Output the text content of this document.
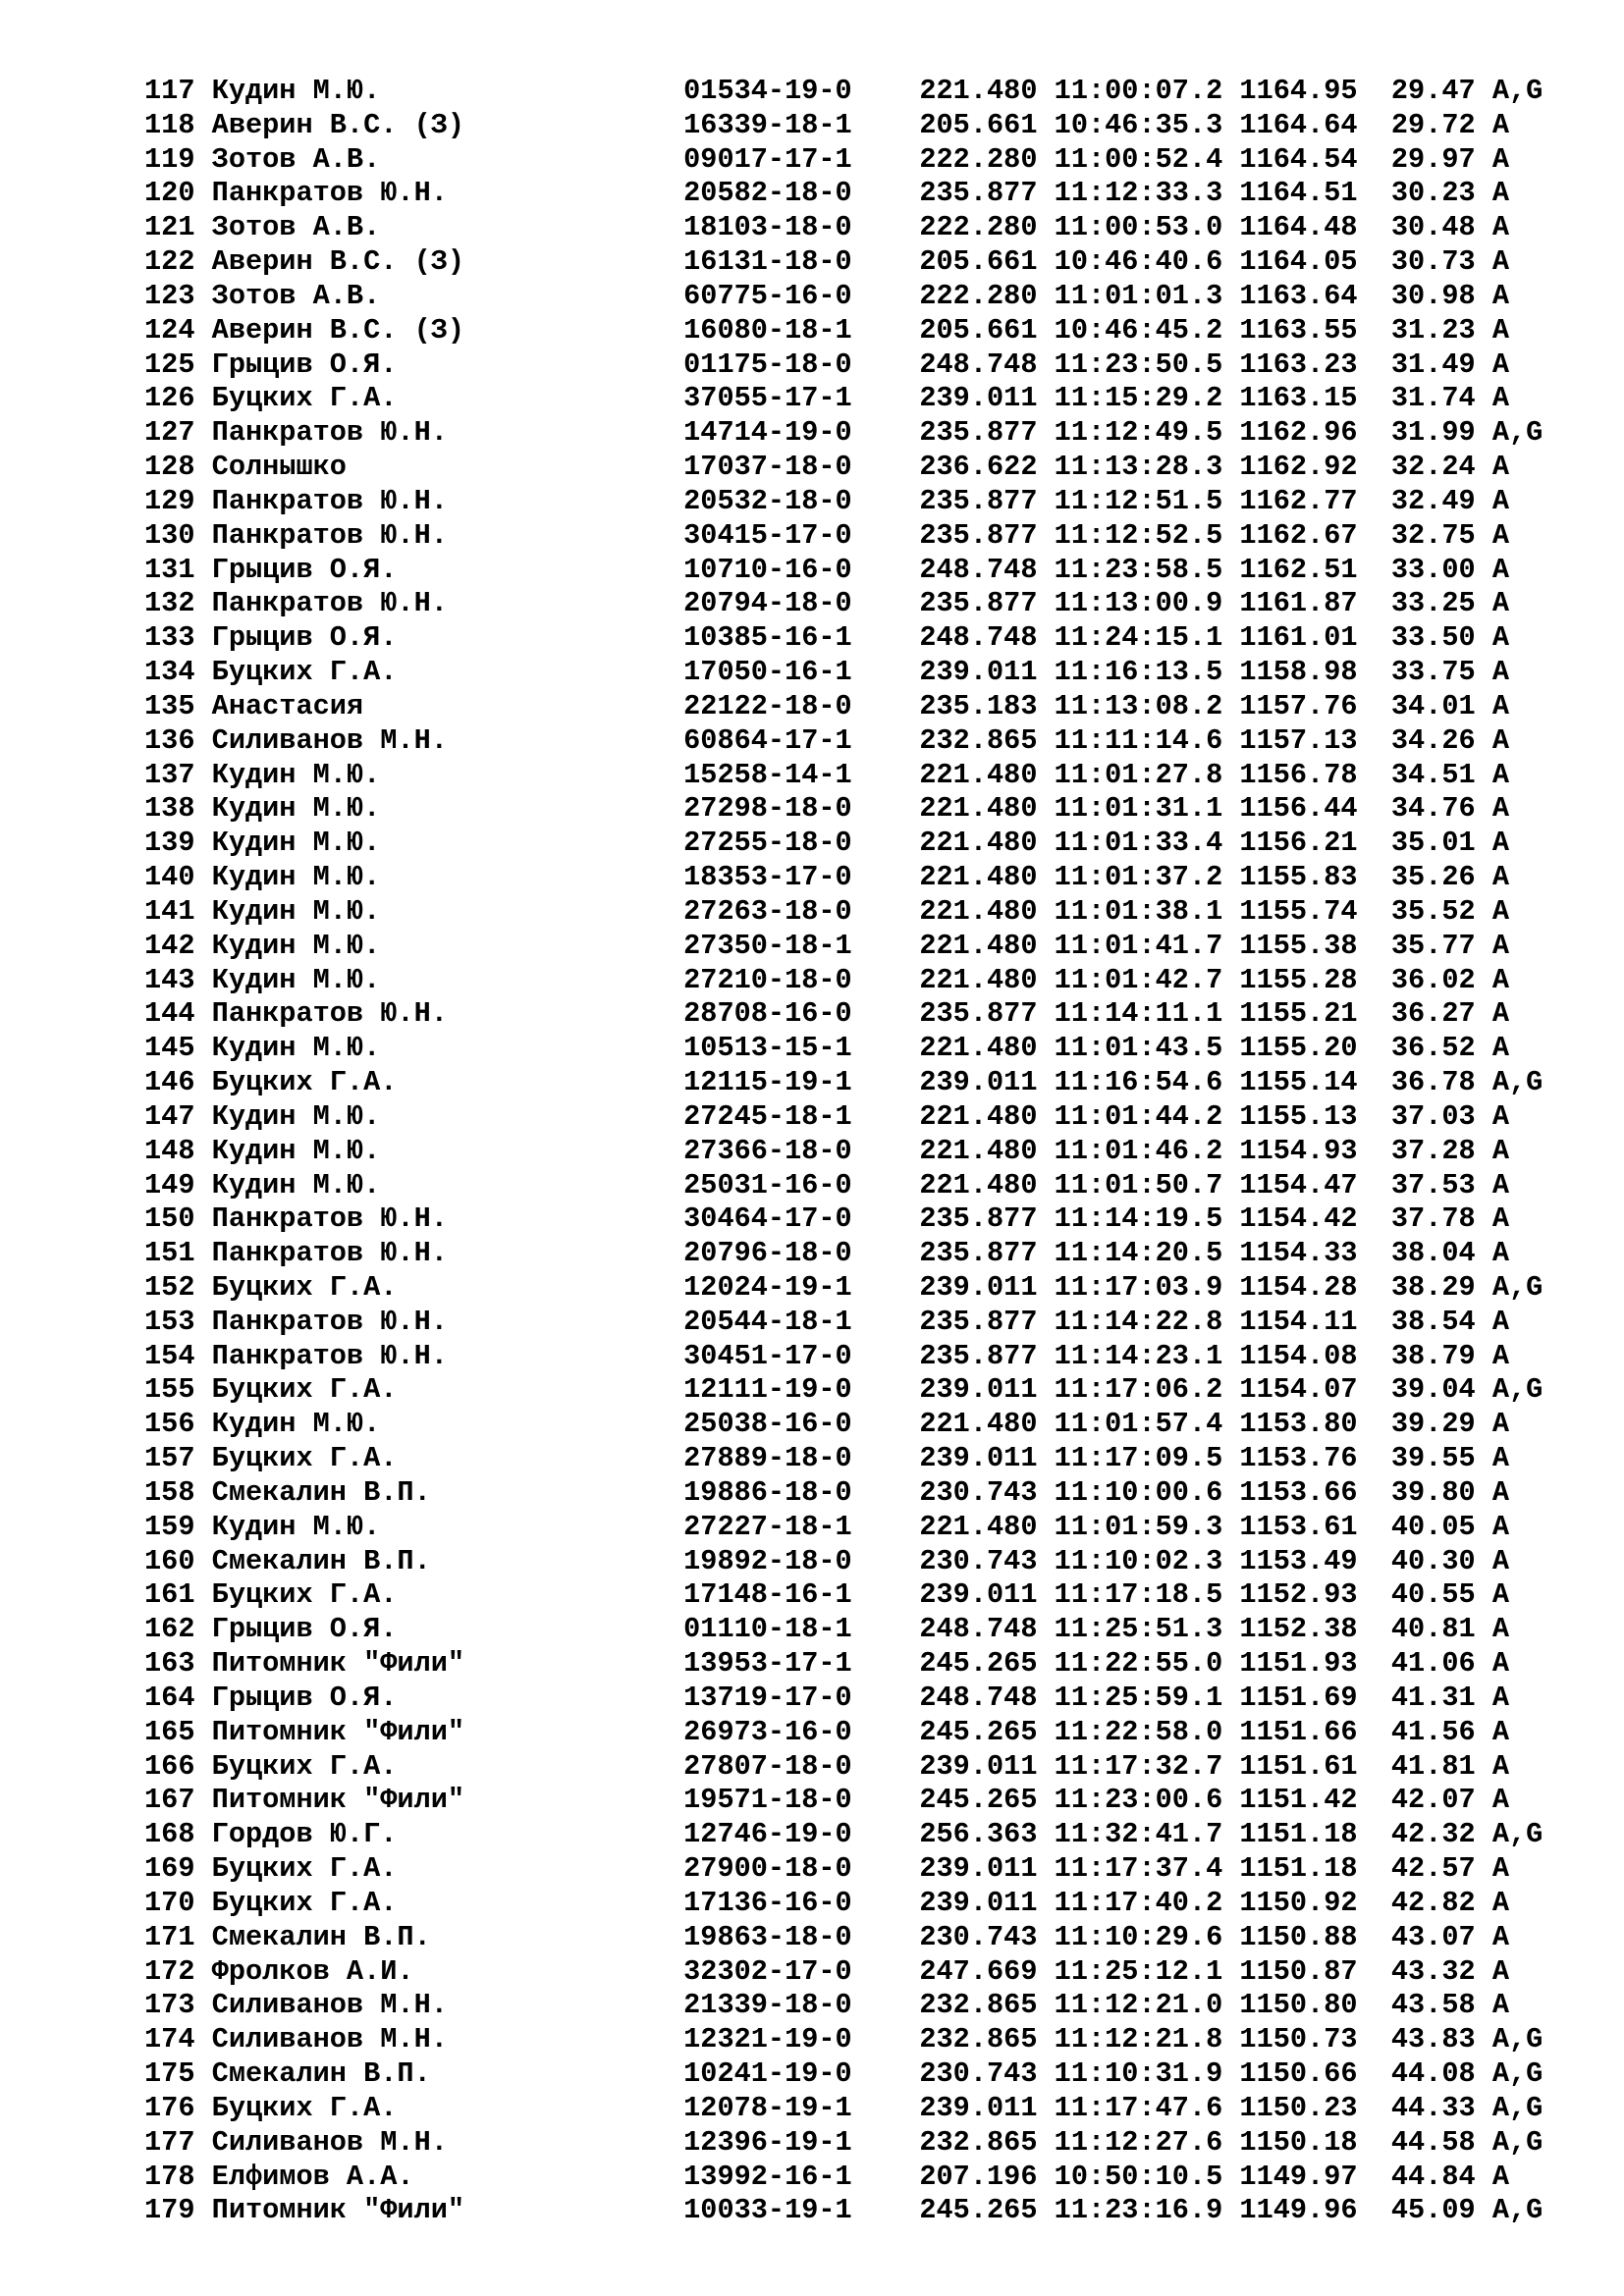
117 Кудин М.Ю.	01534-19-0 221.480 11:00:07.2 1164.95 29.47 A,G
118 Аверин В.С. (З)	16339-18-1 205.661 10:46:35.3 1164.64 29.72 A
119 Зотов А.В.	09017-17-1 222.280 11:00:52.4 1164.54 29.97 A
120 Панкратов Ю.Н.	20582-18-0 235.877 11:12:33.3 1164.51 30.23 A
121 Зотов А.В.	18103-18-0 222.280 11:00:53.0 1164.48 30.48 A
122 Аверин В.С. (З)	16131-18-0 205.661 10:46:40.6 1164.05 30.73 A
123 Зотов А.В.	60775-16-0 222.280 11:01:01.3 1163.64 30.98 A
124 Аверин В.С. (З)	16080-18-1 205.661 10:46:45.2 1163.55 31.23 A
125 Грыцив О.Я.	01175-18-0 248.748 11:23:50.5 1163.23 31.49 A
126 Буцких Г.А.	37055-17-1 239.011 11:15:29.2 1163.15 31.74 A
127 Панкратов Ю.Н.	14714-19-0 235.877 11:12:49.5 1162.96 31.99 A,G
128 Солнышко	17037-18-0 236.622 11:13:28.3 1162.92 32.24 A
129 Панкратов Ю.Н.	20532-18-0 235.877 11:12:51.5 1162.77 32.49 A
130 Панкратов Ю.Н.	30415-17-0 235.877 11:12:52.5 1162.67 32.75 A
131 Грыцив О.Я.	10710-16-0 248.748 11:23:58.5 1162.51 33.00 A
132 Панкратов Ю.Н.	20794-18-0 235.877 11:13:00.9 1161.87 33.25 A
133 Грыцив О.Я.	10385-16-1 248.748 11:24:15.1 1161.01 33.50 A
134 Буцких Г.А.	17050-16-1 239.011 11:16:13.5 1158.98 33.75 A
135 Анастасия	22122-18-0 235.183 11:13:08.2 1157.76 34.01 A
136 Силиванов М.Н.	60864-17-1 232.865 11:11:14.6 1157.13 34.26 A
137 Кудин М.Ю.	15258-14-1 221.480 11:01:27.8 1156.78 34.51 A
138 Кудин М.Ю.	27298-18-0 221.480 11:01:31.1 1156.44 34.76 A
139 Кудин М.Ю.	27255-18-0 221.480 11:01:33.4 1156.21 35.01 A
140 Кудин М.Ю.	18353-17-0 221.480 11:01:37.2 1155.83 35.26 A
141 Кудин М.Ю.	27263-18-0 221.480 11:01:38.1 1155.74 35.52 A
142 Кудин М.Ю.	27350-18-1 221.480 11:01:41.7 1155.38 35.77 A
143 Кудин М.Ю.	27210-18-0 221.480 11:01:42.7 1155.28 36.02 A
144 Панкратов Ю.Н.	28708-16-0 235.877 11:14:11.1 1155.21 36.27 A
145 Кудин М.Ю.	10513-15-1 221.480 11:01:43.5 1155.20 36.52 A
146 Буцких Г.А.	12115-19-1 239.011 11:16:54.6 1155.14 36.78 A,G
147 Кудин М.Ю.	27245-18-1 221.480 11:01:44.2 1155.13 37.03 A
148 Кудин М.Ю.	27366-18-0 221.480 11:01:46.2 1154.93 37.28 A
149 Кудин М.Ю.	25031-16-0 221.480 11:01:50.7 1154.47 37.53 A
150 Панкратов Ю.Н.	30464-17-0 235.877 11:14:19.5 1154.42 37.78 A
151 Панкратов Ю.Н.	20796-18-0 235.877 11:14:20.5 1154.33 38.04 A
152 Буцких Г.А.	12024-19-1 239.011 11:17:03.9 1154.28 38.29 A,G
153 Панкратов Ю.Н.	20544-18-1 235.877 11:14:22.8 1154.11 38.54 A
154 Панкратов Ю.Н.	30451-17-0 235.877 11:14:23.1 1154.08 38.79 A
155 Буцких Г.А.	12111-19-0 239.011 11:17:06.2 1154.07 39.04 A,G
156 Кудин М.Ю.	25038-16-0 221.480 11:01:57.4 1153.80 39.29 A
157 Буцких Г.А.	27889-18-0 239.011 11:17:09.5 1153.76 39.55 A
158 Смекалин В.П.	19886-18-0 230.743 11:10:00.6 1153.66 39.80 A
159 Кудин М.Ю.	27227-18-1 221.480 11:01:59.3 1153.61 40.05 A
160 Смекалин В.П.	19892-18-0 230.743 11:10:02.3 1153.49 40.30 A
161 Буцких Г.А.	17148-16-1 239.011 11:17:18.5 1152.93 40.55 A
162 Грыцив О.Я.	01110-18-1 248.748 11:25:51.3 1152.38 40.81 A
163 Питомник "Фили"	13953-17-1 245.265 11:22:55.0 1151.93 41.06 A
164 Грыцив О.Я.	13719-17-0 248.748 11:25:59.1 1151.69 41.31 A
165 Питомник "Фили"	26973-16-0 245.265 11:22:58.0 1151.66 41.56 A
166 Буцких Г.А.	27807-18-0 239.011 11:17:32.7 1151.61 41.81 A
167 Питомник "Фили"	19571-18-0 245.265 11:23:00.6 1151.42 42.07 A
168 Гордов Ю.Г.	12746-19-0 256.363 11:32:41.7 1151.18 42.32 A,G
169 Буцких Г.А.	27900-18-0 239.011 11:17:37.4 1151.18 42.57 A
170 Буцких Г.А.	17136-16-0 239.011 11:17:40.2 1150.92 42.82 A
171 Смекалин В.П.	19863-18-0 230.743 11:10:29.6 1150.88 43.07 A
172 Фролков А.И.	32302-17-0 247.669 11:25:12.1 1150.87 43.32 A
173 Силиванов М.Н.	21339-18-0 232.865 11:12:21.0 1150.80 43.58 A
174 Силиванов М.Н.	12321-19-0 232.865 11:12:21.8 1150.73 43.83 A,G
175 Смекалин В.П.	10241-19-0 230.743 11:10:31.9 1150.66 44.08 A,G
176 Буцких Г.А.	12078-19-1 239.011 11:17:47.6 1150.23 44.33 A,G
177 Силиванов М.Н.	12396-19-1 232.865 11:12:27.6 1150.18 44.58 A,G
178 Елфимов А.А.	13992-16-1 207.196 10:50:10.5 1149.97 44.84 A
179 Питомник "Фили"	10033-19-1 245.265 11:23:16.9 1149.96 45.09 A,G
